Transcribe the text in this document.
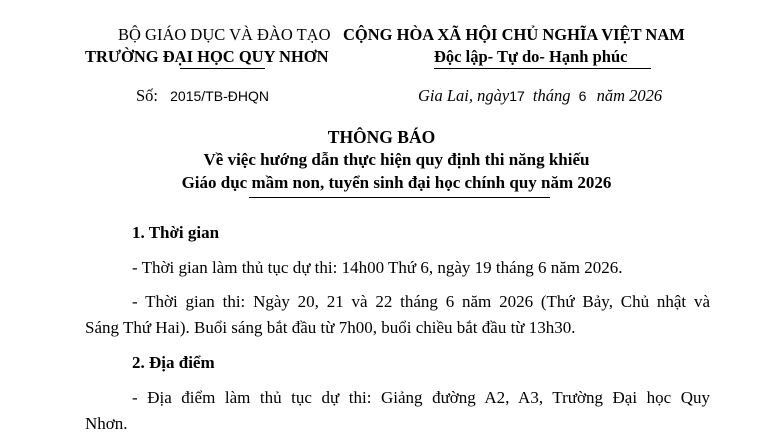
BỘ GIÁO DỤC VÀ ĐÀO TẠO
TRƯỜNG ĐẠI HỌC QUY NHƠN
CỘNG HÒA XÃ HỘI CHỦ NGHĨA VIỆT NAM
Độc lập- Tự do- Hạnh phúc
Số: 2015/TB-ĐHQN	Gia Lai, ngày17 tháng 6 năm 2026
THÔNG BÁO
Về việc hướng dẫn thực hiện quy định thi năng khiếu
Giáo dục mầm non, tuyển sinh đại học chính quy năm 2026
1. Thời gian
- Thời gian làm thủ tục dự thi: 14h00 Thứ 6, ngày 19 tháng 6 năm 2026.
- Thời gian thi: Ngày 20, 21 và 22 tháng 6 năm 2026 (Thứ Bảy, Chủ nhật và
Sáng Thứ Hai). Buổi sáng bắt đầu từ 7h00, buổi chiều bắt đầu từ 13h30.
2. Địa điểm
- Địa điểm làm thủ tục dự thi: Giảng đường A2, A3, Trường Đại học Quy
Nhơn.
